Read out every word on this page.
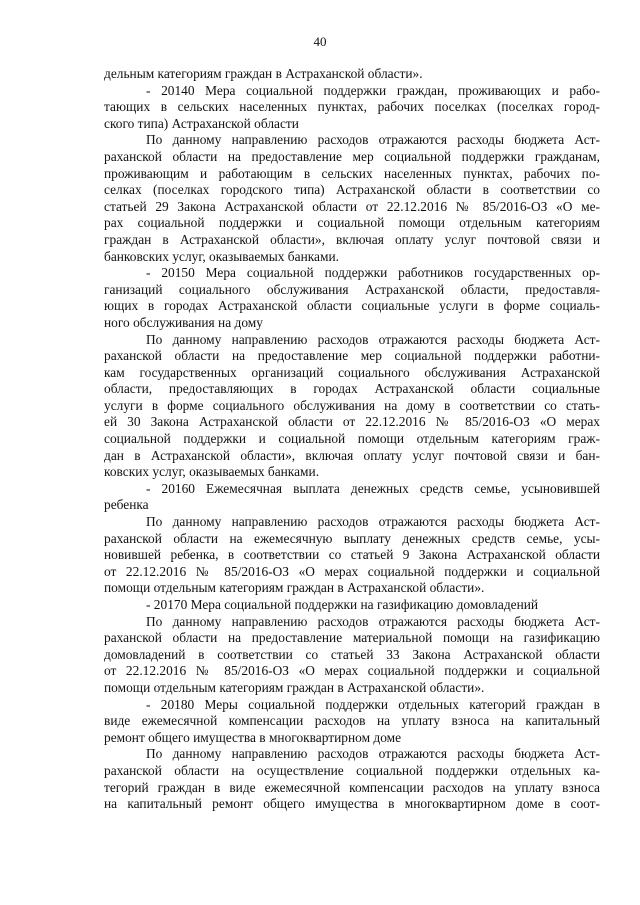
40
дельным категориям граждан в Астраханской области».
- 20140 Мера социальной поддержки граждан, проживающих и рабо-
тающих в сельских населенных пунктах, рабочих поселках (поселках город-
ского типа) Астраханской области
По данному направлению расходов отражаются расходы бюджета Аст-
раханской области на предоставление мер социальной поддержки гражданам,
проживающим и работающим в сельских населенных пунктах, рабочих по-
селках (поселках городского типа) Астраханской области в соответствии со
статьей 29 Закона Астраханской области от 22.12.2016 № 85/2016-ОЗ «О ме-
рах социальной поддержки и социальной помощи отдельным категориям
граждан в Астраханской области», включая оплату услуг почтовой связи и
банковских услуг, оказываемых банками.
- 20150 Мера социальной поддержки работников государственных ор-
ганизаций социального обслуживания Астраханской области, предоставля-
ющих в городах Астраханской области социальные услуги в форме социаль-
ного обслуживания на дому
По данному направлению расходов отражаются расходы бюджета Аст-
раханской области на предоставление мер социальной поддержки работни-
кам государственных организаций социального обслуживания Астраханской
области, предоставляющих в городах Астраханской области социальные
услуги в форме социального обслуживания на дому в соответствии со стать-
ей 30 Закона Астраханской области от 22.12.2016 № 85/2016-ОЗ «О мерах
социальной поддержки и социальной помощи отдельным категориям граж-
дан в Астраханской области», включая оплату услуг почтовой связи и бан-
ковских услуг, оказываемых банками.
- 20160 Ежемесячная выплата денежных средств семье, усыновившей
ребенка
По данному направлению расходов отражаются расходы бюджета Аст-
раханской области на ежемесячную выплату денежных средств семье, усы-
новившей ребенка, в соответствии со статьей 9 Закона Астраханской области
от 22.12.2016 № 85/2016-ОЗ «О мерах социальной поддержки и социальной
помощи отдельным категориям граждан в Астраханской области».
- 20170 Мера социальной поддержки на газификацию домовладений
По данному направлению расходов отражаются расходы бюджета Аст-
раханской области на предоставление материальной помощи на газификацию
домовладений в соответствии со статьей 33 Закона Астраханской области
от 22.12.2016 № 85/2016-ОЗ «О мерах социальной поддержки и социальной
помощи отдельным категориям граждан в Астраханской области».
- 20180 Меры социальной поддержки отдельных категорий граждан в
виде ежемесячной компенсации расходов на уплату взноса на капитальный
ремонт общего имущества в многоквартирном доме
По данному направлению расходов отражаются расходы бюджета Аст-
раханской области на осуществление социальной поддержки отдельных ка-
тегорий граждан в виде ежемесячной компенсации расходов на уплату взноса
на капитальный ремонт общего имущества в многоквартирном доме в соот-
